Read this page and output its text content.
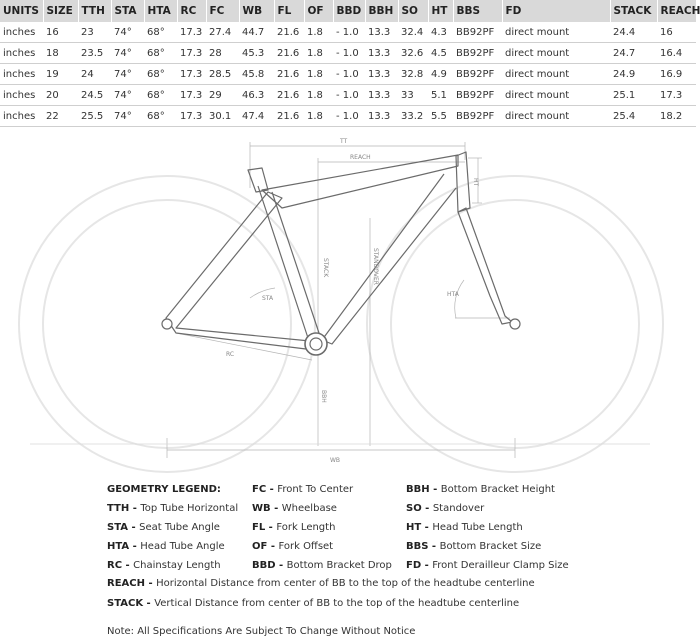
UNITS	SIZE	TTH	STA	HTA	RC	FC	WB	FL	OF	BBD	BBH	SO	HT	BBS	FD	STACK	REACH
inches	16	23	74°	68°	17.3	27.4	44.7	21.6	1.8	- 1.0	13.3	32.4	4.3	BB92PF	direct mount	24.4	16
inches	18	23.5	74°	68°	17.3	28	45.3	21.6	1.8	- 1.0	13.3	32.6	4.5	BB92PF	direct mount	24.7	16.4
inches	19	24	74°	68°	17.3	28.5	45.8	21.6	1.8	- 1.0	13.3	32.8	4.9	BB92PF	direct mount	24.9	16.9
inches	20	24.5	74°	68°	17.3	29	46.3	21.6	1.8	- 1.0	13.3	33	5.1	BB92PF	direct mount	25.1	17.3
inches	22	25.5	74°	68°	17.3	30.1	47.4	21.6	1.8	- 1.0	13.3	33.2	5.5	BB92PF	direct mount	25.4	18.2
TT
REACH
HT
STACK	STANDOVER
STA
HTA
RC
BBH
WB
GEOMETRY LEGEND:
REACH - Horizontal Distance from center of BB to the top of the headtube centerline
STACK - Vertical Distance from center of BB to the top of the headtube centerline
Note: All Specifications Are Subject To Change Without Notice
TTH - Top Tube Horizontal
STA - Seat Tube Angle
HTA - Head Tube Angle
RC - Chainstay Length
FC - Front To Center
WB - Wheelbase
FL - Fork Length
OF - Fork Offset
BBD - Bottom Bracket Drop
BBH - Bottom Bracket Height
SO - Standover
HT - Head Tube Length
BBS - Bottom Bracket Size
FD - Front Derailleur Clamp Size
